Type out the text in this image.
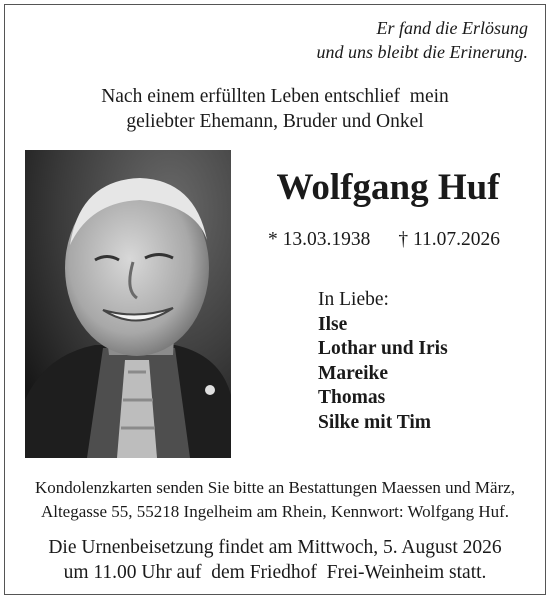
Er fand die Erlösung
und uns bleibt die Erinerung.
Nach einem erfüllten Leben entschlief  mein
geliebter Ehemann, Bruder und Onkel
Wolfgang Huf
* 13.03.1938 † 11.07.2026
In Liebe:
Ilse
Lothar und Iris
Mareike
Thomas
Silke mit Tim
Kondolenzkarten senden Sie bitte an Bestattungen Maessen und März,
Altegasse 55, 55218 Ingelheim am Rhein, Kennwort: Wolfgang Huf.
Die Urnenbeisetzung findet am Mittwoch, 5. August 2026
um 11.00 Uhr auf  dem Friedhof  Frei-Weinheim statt.
